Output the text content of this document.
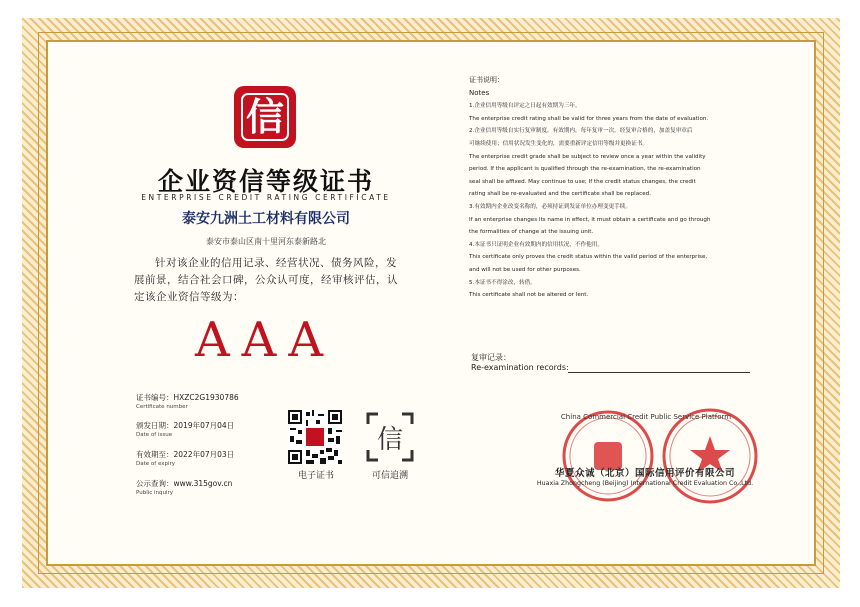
信
企业资信等级证书
ENTERPRISE CREDIT RATING CERTIFICATE
泰安九洲土工材料有限公司
泰安市泰山区南十里河东泰新路北
针对该企业的信用记录、经营状况、债务风险，发展前景，结合社会口碑，公众认可度，经审核评估，认定该企业资信等级为：
AAA
证书编号：HXZC2G1930786
Certificate number
颁发日期：2019年07月04日
Date of issue
有效期至：2022年07月03日
Date of expiry
公示查询：www.315gov.cn
Public inquiry
电子证书
信
可信追溯
证书说明：
Notes
1.企业信用等级自评定之日起有效期为三年。
The enterprise credit rating shall be valid for three years from the date of evaluation.
2.企业信用等级自实行复审制度，有效期内，每年复审一次，经复审合格的，加盖复审章后
可继续使用；信用状况发生变化的，需要重新评定信用等级并更换证书。
The enterprise credit grade shall be subject to review once a year within the validity
period. If the applicant is qualified through the re-examination, the re-examination
seal shall be affixed. May continue to use; If the credit status changes, the credit
rating shall be re-evaluated and the certificate shall be replaced.
3.有效期内企业改变名称的，必须持证到发证单位办理变更手续。
If an enterprise changes its name in effect, it must obtain a certificate and go through
the formalities of change at the issuing unit.
4.本证书只证明企业有效期内的信用状况，不作他用。
This certificate only proves the credit status within the valid period of the enterprise,
and will not be used for other purposes.
5.本证书不得涂改，转借。
This certificate shall not be altered or lent.
复审记录：
Re-examination records:
China Commercial Credit Public Service Platform
华夏众诚（北京）国际信用评价有限公司
Huaxia Zhongcheng (Beijing) International Credit Evaluation Co.,Ltd.
